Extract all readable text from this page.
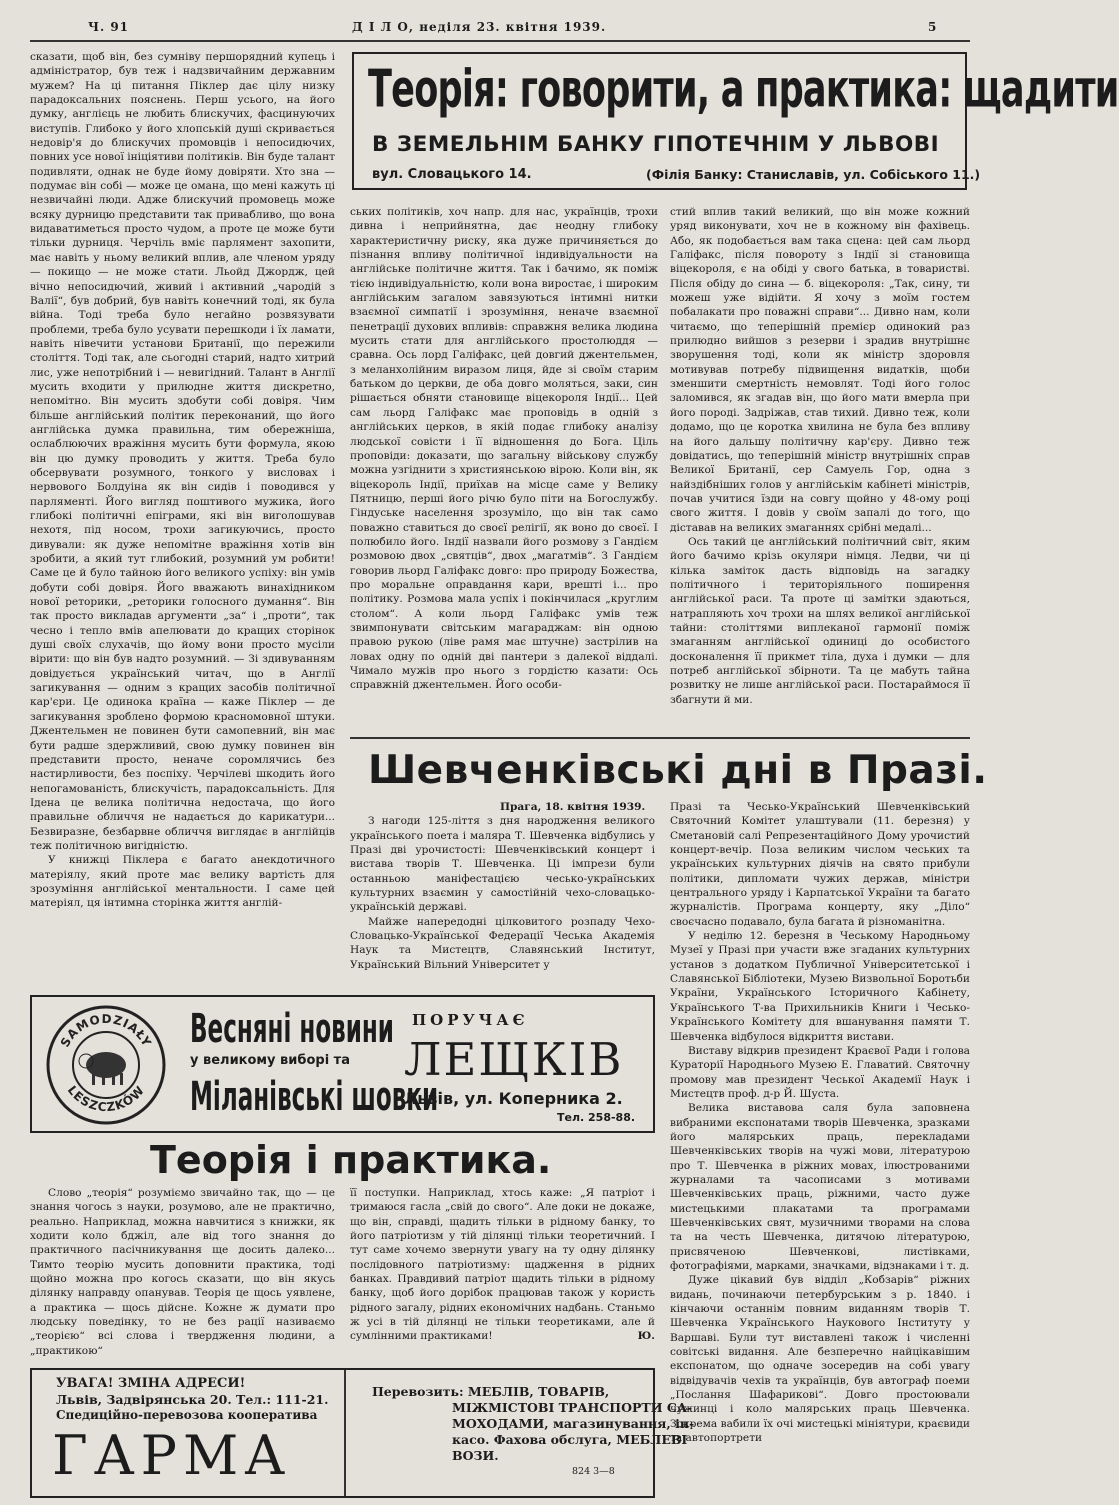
Ч. 91	Д І Л О, неділя 23. квітня 1939.	5
Теорія: говорити, а практика: щадити
В ЗЕМЕЛЬНІМ БАНКУ ГІПОТЕЧНІМ У ЛЬВОВІ
вул. Словацького 14.	(Філія Банку: Станиславів, ул. Собіського 11.)

сказати, щоб він, без сумніву першорядний купець і адміністратор, був теж і надзвичайним державним мужем? На ці питання Піклер дає цілу низку парадоксальних пояснень. Перш усього, на його думку, англієць не любить блискучих, фасцинуючих виступів. Глибоко у його хлопській душі скривається недовір'я до блискучих промовців і непосидючих, повних усе нової ініціятиви політиків. Він буде талант подивляти, однак не буде йому довіряти. Хто зна — подумає він собі — може це омана, що мені кажуть ці незвичайні люди. Адже блискучий промовець може всяку дурницю представити так привабливо, що вона видаватиметься просто чудом, а проте це може бути тільки дурниця. Черчіль вміє парлямент захопити, має навіть у ньому великий вплив, але членом уряду — покищо — не може стати. Льойд Джордж, цей вічно непосидючий, живий і активний „чародій з Валії“, був добрий, був навіть конечний тоді, як була війна. Тоді треба було негайно розвязувати проблеми, треба було усувати перешкоди і їх ламати, навіть нівечити установи Британії, що пережили століття. Тоді так, але сьогодні старий, надто хитрий лис, уже непотрібний і — невигідний. Талант в Англії мусить входити у прилюдне життя дискретно, непомітно. Він мусить здобути собі довіря. Чим більше англійський політик переконаний, що його англійська думка правильна, тим обережніша, ослаблюючих вражіння мусить бути формула, якою він цю думку проводить у життя. Треба було обсервувати розумного, тонкого у висловах і нервового Болдуіна як він сидів і поводився у парляменті. Його вигляд поштивого мужика, його глибокі політичні епіграми, які він виголошував нехотя, під носом, трохи загикуючись, просто дивували: як дуже непомітне вражіння хотів він зробити, а який тут глибокий, розумний ум робити! Саме це й було тайною його великого успіху: він умів добути собі довіря. Його вважають винахідником нової реторики, „реторики голосного думання“. Він так просто викладав аргументи „за“ і „проти“, так чесно і тепло вмів апелювати до кращих сторінок душі своїх слухачів, що йому вони просто мусіли вірити: що він був надто розумний. — Зі здивуванням довідується український читач, що в Англії загикування — одним з кращих засобів політичної кар'єри. Це одинока країна — каже Піклер — де загикування зроблено формою красномовної штуки. Джентельмен не повинен бути самопевний, він має бути радше здержливий, свою думку повинен він представити просто, неначе соромлячись без настирливости, без поспіху. Черчілеві шкодить його непогамованість, блискучість, парадоксальність. Для Ідена це велика політична недостача, що його правильне обличчя не надається до карикатури... Безвиразне, безбарвне обличчя виглядає в англійців теж політичною вигідністю.

У книжці Піклера є багато анекдотичного матеріялу, який проте має велику вартість для зрозуміння англійської ментальности. І саме цей матеріял, ця інтимна сторінка життя англій-

ських політиків, хоч напр. для нас, українців, трохи дивна і неприйнятна, дає неодну глибоку характеристичну риску, яка дуже причиняється до пізнання впливу політичної індивідуальности на англійське політичне життя. Так і бачимо, як поміж тією індивідуальністю, коли вона виростає, і широким англійським загалом завязуються інтимні нитки взаємної симпатії і зрозуміння, неначе взаємної пенетрації духових впливів: справжня велика людина мусить стати для англійського простолюддя — сравна. Ось лорд Галіфакс, цей довгий джентельмен, з меланхолійним виразом лиця, йде зі своїм старим батьком до церкви, де оба довго моляться, заки, син рішається обняти становище віцекороля Індії... Цей сам льорд Галіфакс має проповідь в одній з англійських церков, в якій подає глибоку аналізу людської совісти і її відношення до Бога. Ціль проповіди: доказати, що загальну військову службу можна узгіднити з християнською вірою. Коли він, як віцекороль Індії, приїхав на місце саме у Велику Пятницю, перші його річю було піти на Богослужбу. Гіндуське населення зрозуміло, що він так само поважно ставиться до своєї релігії, як воно до своєї. І полюбило його. Індії назвали його розмову з Гандієм розмовою двох „святців“, двох „магатмів“. З Гандієм говорив льорд Галіфакс довго: про природу Божества, про моральне оправдання кари, врешті і... про політику. Розмова мала успіх і покінчилася „круглим столом“. А коли льорд Галіфакс умів теж звимпонувати світським магараджам: він одною правою рукою (ліве рамя має штучне) застрілив на ловах одну по одній дві пантери з далекої віддалі. Чимало мужів про нього з гордістю казати: Ось справжній джентельмен. Його особи-

стий вплив такий великий, що він може кожний уряд виконувати, хоч не в кожному він фахівець. Або, як подобається вам така сцена: цей сам льорд Галіфакс, після повороту з Індії зі становища віцекороля, є на обіді у свого батька, в товаристві. Після обіду до сина — б. віцекороля: „Так, сину, ти можеш уже відійти. Я хочу з моїм гостем побалакати про поважні справи“... Дивно нам, коли читаємо, що теперішній премієр одинокий раз прилюдно вийшов з резерви і зрадив внутрішнє зворушення тоді, коли як міністр здоровля мотивував потребу підвищення видатків, щоби зменшити смертність немовлят. Тоді його голос заломився, як згадав він, що його мати вмерла при його породі. Задріжав, став тихий. Дивно теж, коли додамо, що це коротка хвилина не була без впливу на його дальшу політичну кар'єру. Дивно теж довідатись, що теперішній міністр внутрішніх справ Великої Британії, сер Самуель Гор, одна з найздібніших голов у англійськім кабінеті міністрів, почав учитися їзди на совгу щойно у 48-ому році свого життя. І довів у своїм запалі до того, що діставав на великих змаганнях срібні медалі...

Ось такий це англійський політичний світ, яким його бачимо крізь окуляри німця. Ледви, чи ці кілька заміток дасть відповідь на загадку політичного і територіяльного поширення англійської раси. Та проте ці замітки здаються, натрапляють хоч трохи на шлях великої англійської тайни: століттями виплеканої гармонії поміж змаганням англійської одиниці до особистого досконалення її прикмет тіла, духа і думки — для потреб англійської збірноти. Та це мабуть тайна розвитку не лише англійської раси. Постараймося її збагнути й ми.

Шевченківські дні в Празі.

Прага, 18. квітня 1939.

З нагоди 125-ліття з дня народження великого українського поета і маляра Т. Шевченка відбулись у Празі дві урочистості: Шевченківський концерт і вистава творів Т. Шевченка. Ці імпрези були останньою маніфестацією чесько-українських культурних взаємин у самостійній чехо-словацько-українській державі.

Майже напередодні цілковитого розпаду Чехо-Словацько-Української Федерації Чеська Академія Наук та Мистецтв, Славянський Інститут, Український Вільний Університет у

Празі та Чесько-Український Шевченківський Святочний Комітет улаштували (11. березня) у Сметановій салі Репрезентаційного Дому урочистий концерт-вечір. Поза великим числом чеських та українських культурних діячів на свято прибули політики, дипломати чужих держав, міністри центрального уряду і Карпатської України та багато журналістів. Програма концерту, яку „Діло“ своєчасно подавало, була багата й різноманітна.

У неділю 12. березня в Чеському Народньому Музеї у Празі при участи вже згаданих культурних установ з додатком Публичної Університетської і Славянської Бібліотеки, Музею Визвольної Боротьби України, Українського Історичного Кабінету, Українського Т-ва Прихильників Книги і Чесько-Українського Комітету для вшанування памяти Т. Шевченка відбулося відкриття вистави.

Виставу відкрив президент Краєвої Ради і голова Кураторії Народнього Музею Е. Главатий. Святочну промову мав президент Чеської Академії Наук і Мистецтв проф. д-р Й. Шуста.

Велика виставова саля була заповнена вибраними експонатами творів Шевченка, зразками його малярських праць, перекладами Шевченківських творів на чужі мови, літературою про Т. Шевченка в ріжних мовах, ілюстрованими журналами та часописами з мотивами Шевченківських праць, ріжними, часто дуже мистецькими плакатами та програмами Шевченківських свят, музичними творами на слова та на честь Шевченка, дитячою літературою, присвяченою Шевченкові, листівками, фотографіями, марками, значками, відзнаками і т. д.

Дуже цікавий був відділ „Кобзарів“ ріжних видань, починаючи петербурським з р. 1840. і кінчаючи останнім повним виданням творів Т. Шевченка Українського Наукового Інституту у Варшаві. Були тут виставлені також і численні совітські видання. Але безперечно найцікавішим експонатом, що одначе зосередив на собі увагу відвідувачів чехів та українців, був автограф поеми „Послання Шафарикові“. Довго простоювали чужинці і коло малярських праць Шевченка. Зокрема вабили їх очі мистецькі мініятури, краєвиди та автопортрети

SAMODZIAŁY
LESZCZKÓW
Весняні новини
у великому виборі та
Міланівські шовки
ПОРУЧАЄ
ЛЕЩКІВ
Львів, ул. Коперника 2.
Тел. 258-88.
Теорія і практика.

Слово „теорія“ розуміємо звичайно так, що — це знання чогось з науки, розумово, але не практично, реально. Наприклад, можна навчитися з книжки, як ходити коло бджіл, але від того знання до практичного пасічникування ще досить далеко... Тимто теорію мусить доповнити практика, тоді щойно можна про когось сказати, що він якусь ділянку направду опанував. Теорія це щось уявлене, а практика — щось дійсне. Кожне ж думати про людську поведінку, то не без рації називаємо „теорією“ всі слова і твердження людини, а „практикою“

її поступки. Наприклад, хтось каже: „Я патріот і тримаюся гасла „свій до свого“. Але доки не докаже, що він, справді, щадить тільки в рідному банку, то його патріотизм у тій ділянці тільки теоретичний. І тут саме хочемо звернути увагу на ту одну ділянку послідовного патріотизму: щадження в рідних банках. Правдивий патріот щадить тільки в рідному банку, щоб його дорібок працював також у користь рідного загалу, рідних економічних надбань. Станьмо ж усі в тій ділянці не тільки теоретиками, але й сумлінними практиками!	Ю.

УВАГА! ЗМІНА АДРЕСИ!
Львів, Задвірянська 20. Тел.: 111-21.
Спедиційно-перевозова кооператива
ГАРМА
Перевозить: МЕБЛІВ, ТОВАРІВ,
МІЖМІСТОВІ ТРАНСПОРТИ СА-
МОХОДАМИ, магазинування, ін-
касо. Фахова обслуга, МЕБЛЕВІ
ВОЗИ.
824 3—8
